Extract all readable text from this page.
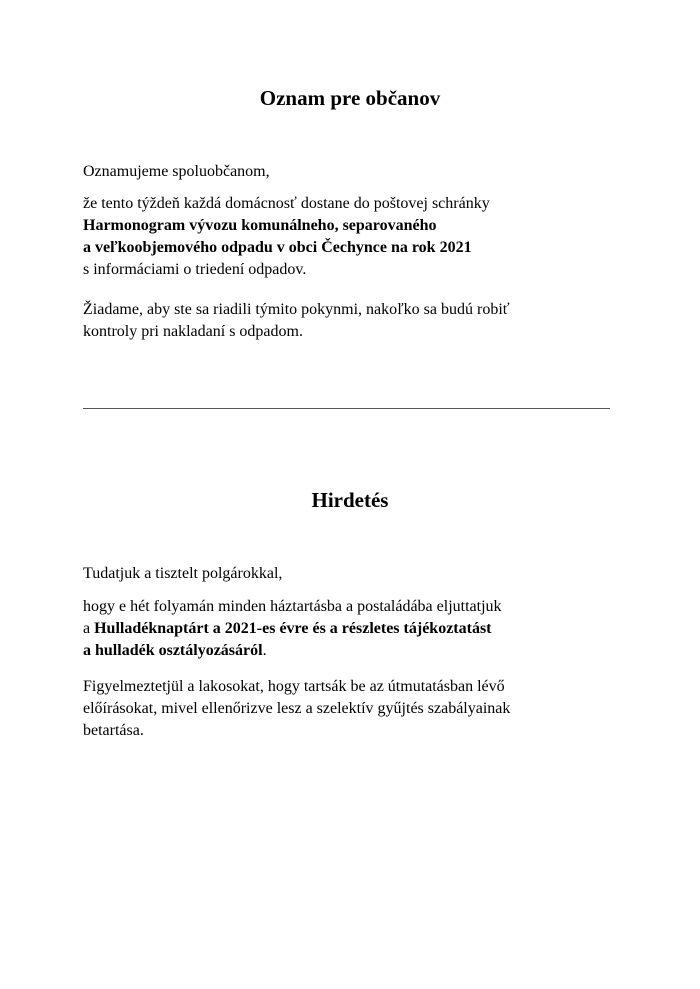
Oznam pre občanov

Oznamujeme spoluobčanom,

že tento týždeň každá domácnosť dostane do poštovej schránky
Harmonogram vývozu komunálneho, separovaného
a veľkoobjemového odpadu v obci Čechynce na rok 2021
s informáciami o triedení odpadov.

Žiadame, aby ste sa riadili týmito pokynmi, nakoľko sa budú robiť
kontroly pri nakladaní s odpadom.

Hirdetés

Tudatjuk a tisztelt polgárokkal,

hogy e hét folyamán minden háztartásba a postaládába eljuttatjuk
a Hulladéknaptárt a 2021-es évre és a részletes tájékoztatást
a hulladék osztályozásáról.

Figyelmeztetjül a lakosokat, hogy tartsák be az útmutatásban lévő
előírásokat, mivel ellenőrizve lesz a szelektív gyűjtés szabályainak
betartása.
